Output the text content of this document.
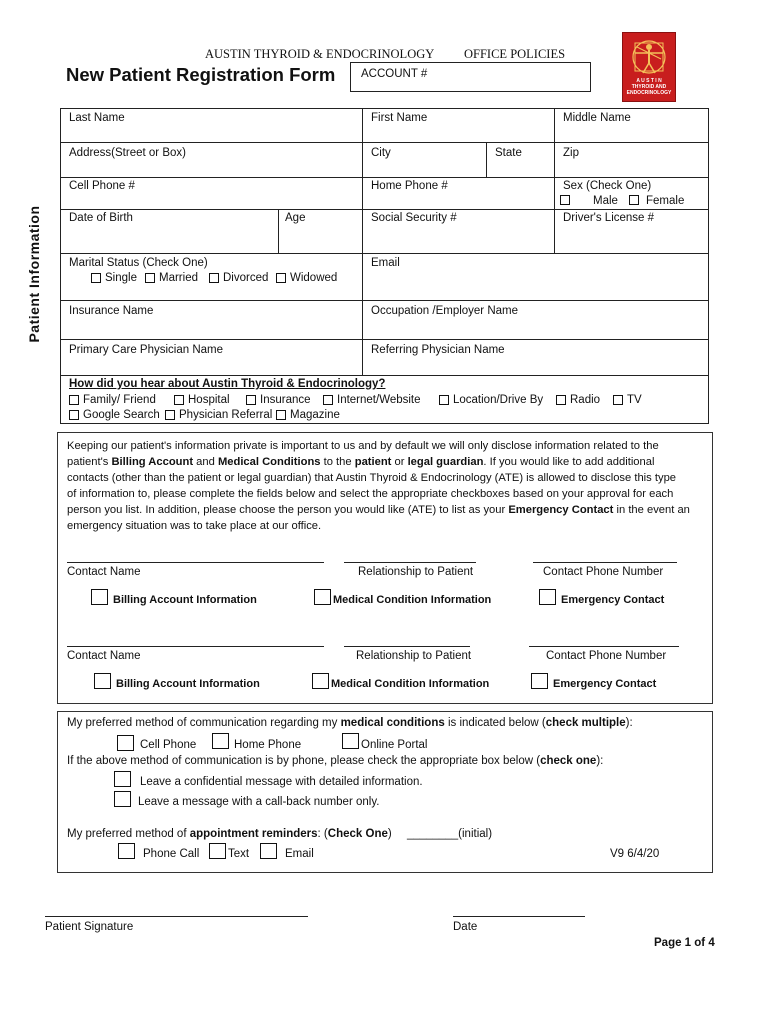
AUSTIN THYROID & ENDOCRINOLOGY OFFICE POLICIES
New Patient Registration Form ACCOUNT #
A U S T I N
THYROID AND
ENDOCRINOLOGY
Patient Information
Last Name	First Name	Middle Name
Address(Street or Box)	City	State	Zip
Cell Phone #	Home Phone #	Sex (Check One)
Male Female
Date of Birth	Age	Social Security #	Driver's License #
Marital Status (Check One)
Single	Married	Divorced	Widowed
Email
Insurance Name	Occupation /Employer Name
Primary Care Physician Name	Referring Physician Name
How did you hear about Austin Thyroid & Endocrinology?
Family/ Friend	Hospital	Insurance	Internet/Website	Location/Drive By	Radio	TV
Google Search	Physician Referral	Magazine
Keeping our patient's information private is important to us and by default we will only disclose information related to the
patient's Billing Account and Medical Conditions to the patient or legal guardian. If you would like to add additional
contacts (other than the patient or legal guardian) that Austin Thyroid & Endocrinology (ATE) is allowed to disclose this type
of information to, please complete the fields below and select the appropriate checkboxes based on your approval for each
person you list. In addition, please choose the person you would like (ATE) to list as your Emergency Contact in the event an
emergency situation was to take place at our office.
Contact Name	Relationship to Patient	Contact Phone Number
Billing Account Information	Medical Condition Information	Emergency Contact
Contact Name	Relationship to Patient	Contact Phone Number
Billing Account Information	Medical Condition Information	Emergency Contact
My preferred method of communication regarding my medical conditions is indicated below (check multiple):
Cell Phone	Home Phone	Online Portal
If the above method of communication is by phone, please check the appropriate box below (check one):
Leave a confidential message with detailed information.
Leave a message with a call-back number only.
My preferred method of appointment reminders: (Check One) ________(initial)
Phone Call Text	Email	V9 6/4/20
Patient Signature	Date
Page 1 of 4
